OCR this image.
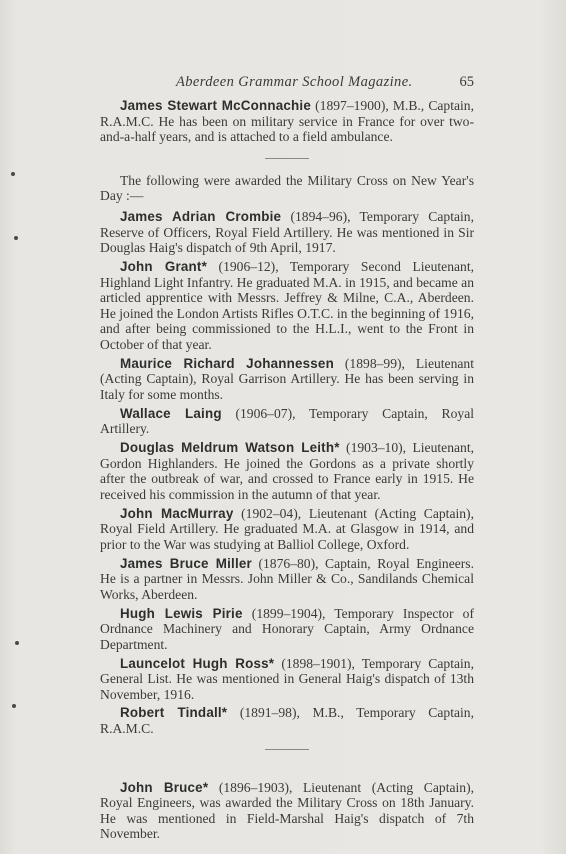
Aberdeen Grammar School Magazine.	65

James Stewart McConnachie (1897–1900), M.B., Captain, R.A.M.C. He has been on military service in France for over two-and-a-half years, and is attached to a field ambulance.

The following were awarded the Military Cross on New Year's Day :—

James Adrian Crombie (1894–96), Temporary Captain, Reserve of Officers, Royal Field Artillery. He was mentioned in Sir Douglas Haig's dispatch of 9th April, 1917.

John Grant* (1906–12), Temporary Second Lieutenant, Highland Light Infantry. He graduated M.A. in 1915, and became an articled apprentice with Messrs. Jeffrey & Milne, C.A., Aberdeen. He joined the London Artists Rifles O.T.C. in the beginning of 1916, and after being commissioned to the H.L.I., went to the Front in October of that year.

Maurice Richard Johannessen (1898–99), Lieutenant (Acting Captain), Royal Garrison Artillery. He has been serving in Italy for some months.

Wallace Laing (1906–07), Temporary Captain, Royal Artillery.

Douglas Meldrum Watson Leith* (1903–10), Lieutenant, Gordon Highlanders. He joined the Gordons as a private shortly after the outbreak of war, and crossed to France early in 1915. He received his commission in the autumn of that year.

John MacMurray (1902–04), Lieutenant (Acting Captain), Royal Field Artillery. He graduated M.A. at Glasgow in 1914, and prior to the War was studying at Balliol College, Oxford.

James Bruce Miller (1876–80), Captain, Royal Engineers. He is a partner in Messrs. John Miller & Co., Sandilands Chemical Works, Aberdeen.

Hugh Lewis Pirie (1899–1904), Temporary Inspector of Ordnance Machinery and Honorary Captain, Army Ordnance Department.

Launcelot Hugh Ross* (1898–1901), Temporary Captain, General List. He was mentioned in General Haig's dispatch of 13th November, 1916.

Robert Tindall* (1891–98), M.B., Temporary Captain, R.A.M.C.

John Bruce* (1896–1903), Lieutenant (Acting Captain), Royal Engineers, was awarded the Military Cross on 18th January. He was mentioned in Field-Marshal Haig's dispatch of 7th November.
